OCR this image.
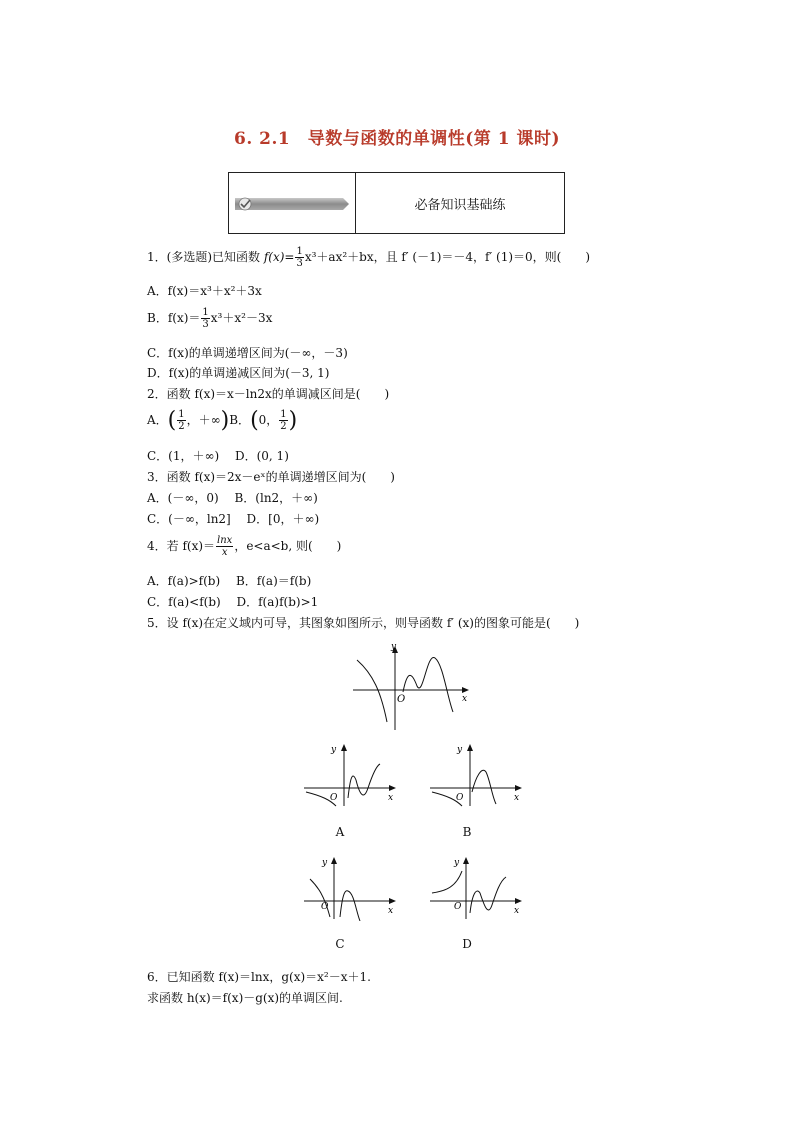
6. 2.1　导数与函数的单调性(第 1 课时)
必备知识基础练
1．(多选题)已知函数 $f(x)= \frac{1}{3} x^3+ax^2+bx$，且 f′ (－1)＝－4，f′ (1)＝0，则(　　)
A．f(x)＝x³＋x²＋3x
B．$f(x)= \frac{1}{3} x^3+x^2-3x$
C．f(x)的单调递增区间为(－∞，－3)
D．f(x)的单调递减区间为(－3, 1)
2．函数 f(x)＝x－ln2x的单调减区间是(　　)
A．( $\frac{1}{2}$ ，＋∞)B．(0， $\frac{1}{2}$ )
C．(1，＋∞)　 D．(0, 1)
3．函数 f(x)＝2x－eˣ的单调递增区间为(　　)
A．(－∞，0)　 B．(ln2，＋∞)
C．(－∞，ln2]　 D．[0，＋∞)
4．若 $f(x)= \frac{\ln x}{x}$ ，e<a<b, 则(　　)
A．f(a)>f(b)　 B．f(a)＝f(b)
C．f(a)<f(b)　 D．f(a)f(b)>1
5．设 f(x)在定义域内可导，其图象如图所示，则导函数 f′ (x)的图象可能是(　　)
y
x
O
y
x
O
A
y
x
O
B
y
x
O
C
y
x
O
D
6．已知函数 f(x)＝lnx，g(x)＝x²－x＋1.
求函数 h(x)＝f(x)－g(x)的单调区间.
